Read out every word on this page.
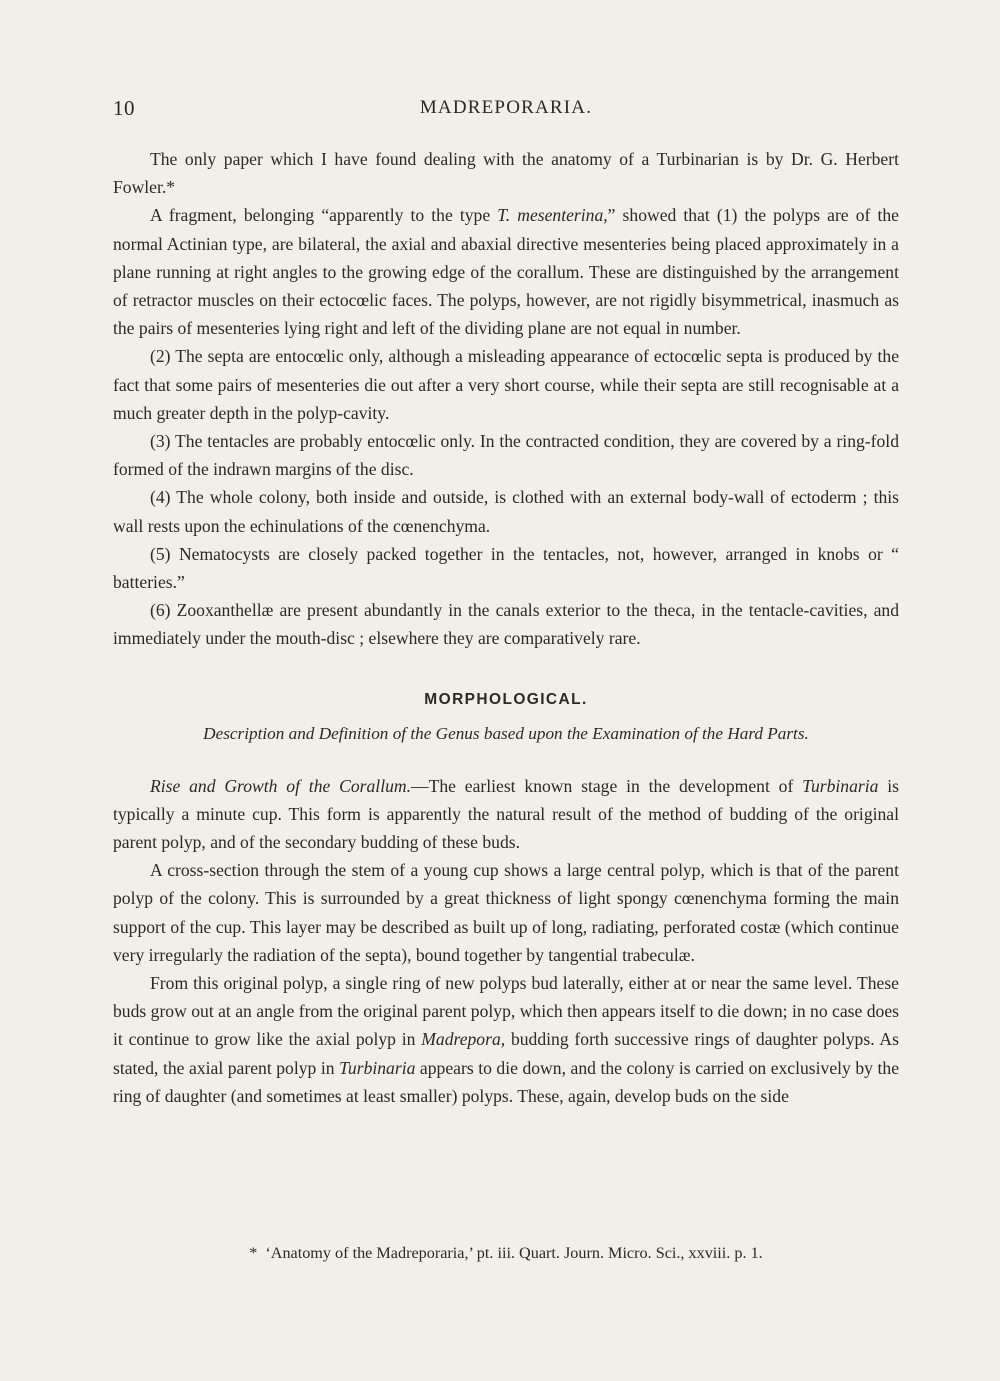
10	MADREPORARIA.

The only paper which I have found dealing with the anatomy of a Turbinarian is by Dr. G. Herbert Fowler.*

A fragment, belonging “apparently to the type T. mesenterina,” showed that (1) the polyps are of the normal Actinian type, are bilateral, the axial and abaxial directive mesenteries being placed approximately in a plane running at right angles to the growing edge of the corallum. These are distinguished by the arrangement of retractor muscles on their ectocœlic faces. The polyps, however, are not rigidly bisymmetrical, inasmuch as the pairs of mesenteries lying right and left of the dividing plane are not equal in number.

(2) The septa are entocœlic only, although a misleading appearance of ectocœlic septa is produced by the fact that some pairs of mesenteries die out after a very short course, while their septa are still recognisable at a much greater depth in the polyp-cavity.

(3) The tentacles are probably entocœlic only. In the contracted condition, they are covered by a ring-fold formed of the indrawn margins of the disc.

(4) The whole colony, both inside and outside, is clothed with an external body-wall of ectoderm ; this wall rests upon the echinulations of the cœnenchyma.

(5) Nematocysts are closely packed together in the tentacles, not, however, arranged in knobs or “ batteries.”

(6) Zooxanthellæ are present abundantly in the canals exterior to the theca, in the tentacle-cavities, and immediately under the mouth-disc ; elsewhere they are comparatively rare.

MORPHOLOGICAL.
Description and Definition of the Genus based upon the Examination of the Hard Parts.

Rise and Growth of the Corallum.—The earliest known stage in the development of Turbinaria is typically a minute cup. This form is apparently the natural result of the method of budding of the original parent polyp, and of the secondary budding of these buds.

A cross-section through the stem of a young cup shows a large central polyp, which is that of the parent polyp of the colony. This is surrounded by a great thickness of light spongy cœnenchyma forming the main support of the cup. This layer may be described as built up of long, radiating, perforated costæ (which continue very irregularly the radiation of the septa), bound together by tangential trabeculæ.

From this original polyp, a single ring of new polyps bud laterally, either at or near the same level. These buds grow out at an angle from the original parent polyp, which then appears itself to die down; in no case does it continue to grow like the axial polyp in Madrepora, budding forth successive rings of daughter polyps. As stated, the axial parent polyp in Turbinaria appears to die down, and the colony is carried on exclusively by the ring of daughter (and sometimes at least smaller) polyps. These, again, develop buds on the side

* ‘Anatomy of the Madreporaria,’ pt. iii. Quart. Journ. Micro. Sci., xxviii. p. 1.
